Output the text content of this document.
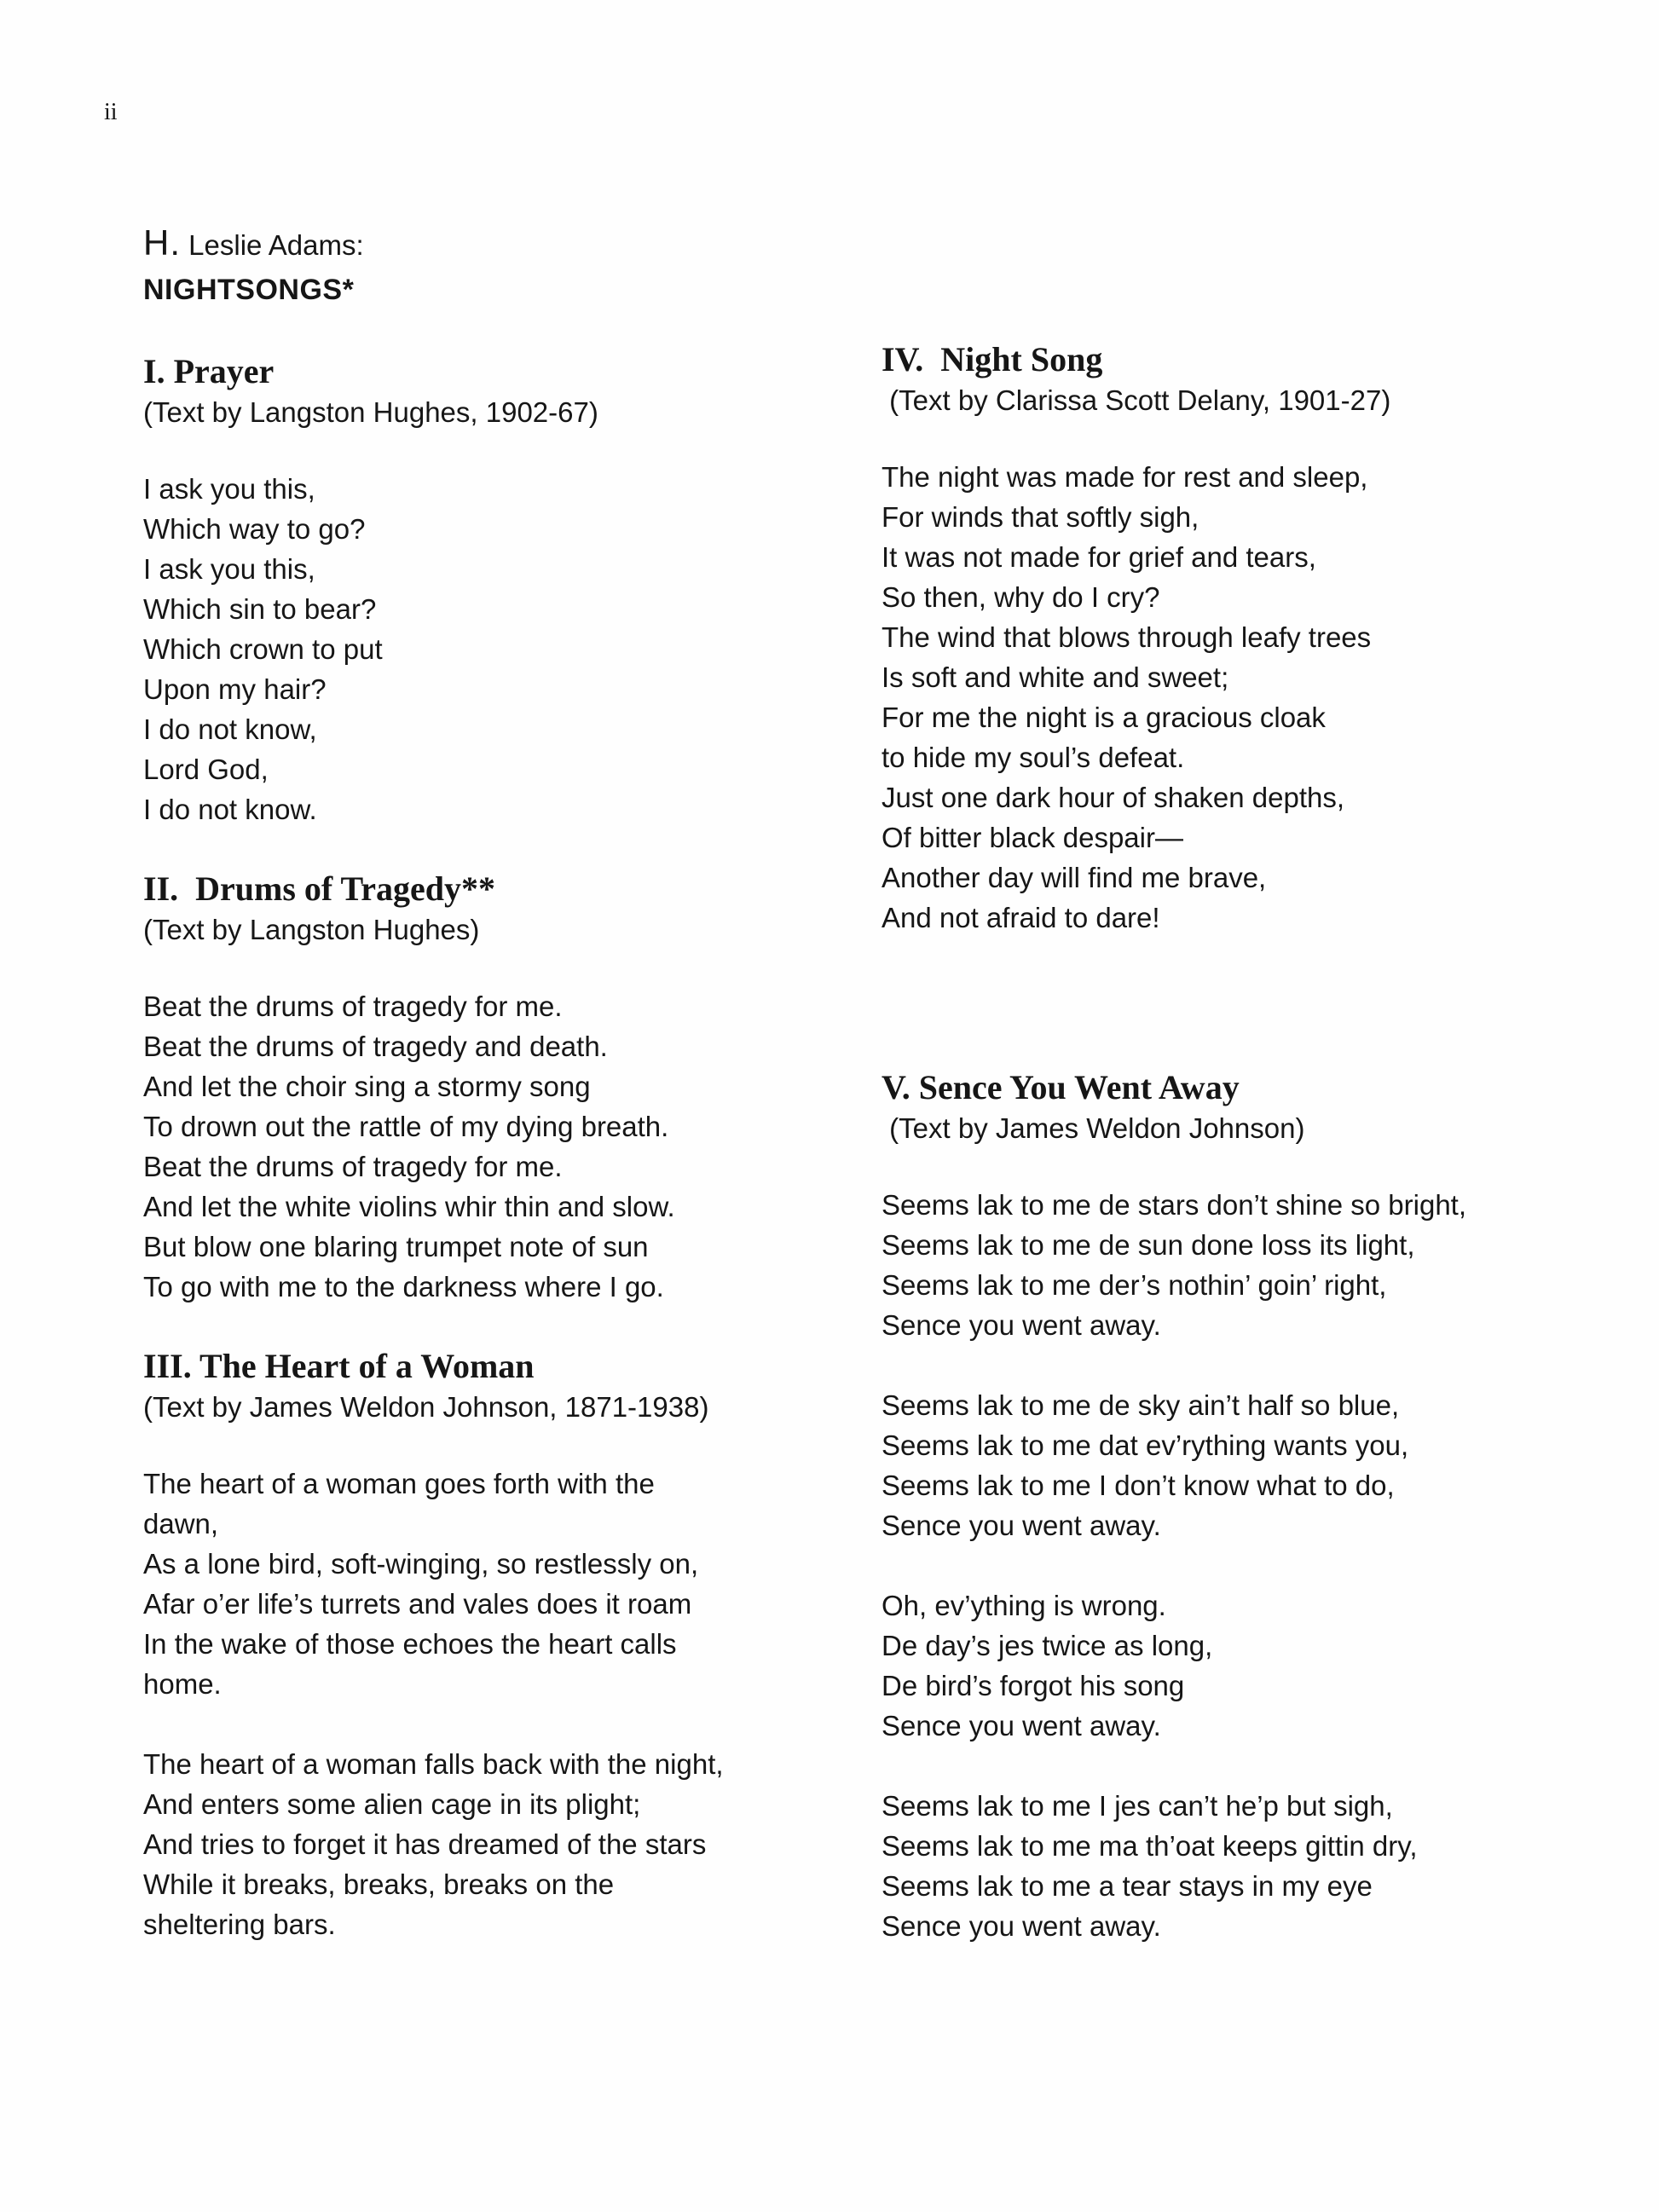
ii
H. Leslie Adams:
NIGHTSONGS*
I. Prayer

(Text by Langston Hughes, 1902-67)

I ask you this,
Which way to go?
I ask you this,
Which sin to bear?
Which crown to put
Upon my hair?
I do not know,
Lord God,
I do not know.
II.  Drums of Tragedy**

(Text by Langston Hughes)

Beat the drums of tragedy for me.
Beat the drums of tragedy and death.
And let the choir sing a stormy song
To drown out the rattle of my dying breath.
Beat the drums of tragedy for me.
And let the white violins whir thin and slow.
But blow one blaring trumpet note of sun
To go with me to the darkness where I go.
III. The Heart of a Woman

(Text by James Weldon Johnson, 1871-1938)

The heart of a woman goes forth with the
dawn,
As a lone bird, soft-winging, so restlessly on,
Afar o’er life’s turrets and vales does it roam
In the wake of those echoes the heart calls
home.
The heart of a woman falls back with the night,
And enters some alien cage in its plight;
And tries to forget it has dreamed of the stars
While it breaks, breaks, breaks on the
sheltering bars.
IV.  Night Song

(Text by Clarissa Scott Delany, 1901-27)

The night was made for rest and sleep,
For winds that softly sigh,
It was not made for grief and tears,
So then, why do I cry?
The wind that blows through leafy trees
Is soft and white and sweet;
For me the night is a gracious cloak
to hide my soul’s defeat.
Just one dark hour of shaken depths,
Of bitter black despair—
Another day will find me brave,
And not afraid to dare!
V. Sence You Went Away

(Text by James Weldon Johnson)

Seems lak to me de stars don’t shine so bright,
Seems lak to me de sun done loss its light,
Seems lak to me der’s nothin’ goin’ right,
Sence you went away.
Seems lak to me de sky ain’t half so blue,
Seems lak to me dat ev’rything wants you,
Seems lak to me I don’t know what to do,
Sence you went away.
Oh, ev’ything is wrong.
De day’s jes twice as long,
De bird’s forgot his song
Sence you went away.
Seems lak to me I jes can’t he’p but sigh,
Seems lak to me ma th’oat keeps gittin dry,
Seems lak to me a tear stays in my eye
Sence you went away.
